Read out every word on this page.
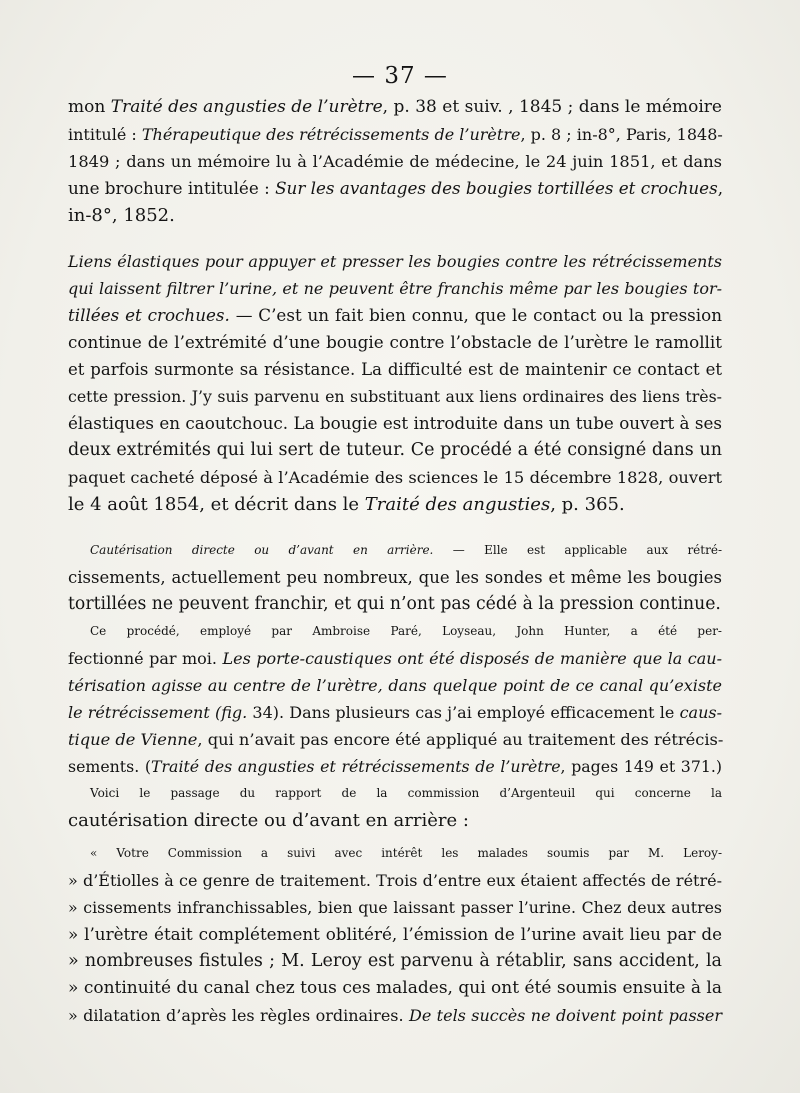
— 37 —
mon Traité des angusties de l’urètre, p. 38 et suiv. , 1845 ; dans le mémoire
intitulé : Thérapeutique des rétrécissements de l’urètre, p. 8 ; in-8°, Paris, 1848-
1849 ; dans un mémoire lu à l’Académie de médecine, le 24 juin 1851, et dans
une brochure intitulée : Sur les avantages des bougies tortillées et crochues,
in-8°, 1852.
Liens élastiques pour appuyer et presser les bougies contre les rétrécissements
qui laissent filtrer l’urine, et ne peuvent être franchis même par les bougies tor-
tillées et crochues. — C’est un fait bien connu, que le contact ou la pression
continue de l’extrémité d’une bougie contre l’obstacle de l’urètre le ramollit
et parfois surmonte sa résistance. La difficulté est de maintenir ce contact et
cette pression. J’y suis parvenu en substituant aux liens ordinaires des liens très-
élastiques en caoutchouc. La bougie est introduite dans un tube ouvert à ses
deux extrémités qui lui sert de tuteur. Ce procédé a été consigné dans un
paquet cacheté déposé à l’Académie des sciences le 15 décembre 1828, ouvert
le 4 août 1854, et décrit dans le Traité des angusties, p. 365.
Cautérisation directe ou d’avant en arrière. — Elle est applicable aux rétré-
cissements, actuellement peu nombreux, que les sondes et même les bougies
tortillées ne peuvent franchir, et qui n’ont pas cédé à la pression continue.
Ce procédé, employé par Ambroise Paré, Loyseau, John Hunter, a été per-
fectionné par moi. Les porte-caustiques ont été disposés de manière que la cau-
térisation agisse au centre de l’urètre, dans quelque point de ce canal qu’existe
le rétrécissement (fig. 34). Dans plusieurs cas j’ai employé efficacement le caus-
tique de Vienne, qui n’avait pas encore été appliqué au traitement des rétrécis-
sements. (Traité des angusties et rétrécissements de l’urètre, pages 149 et 371.)
Voici le passage du rapport de la commission d’Argenteuil qui concerne la
cautérisation directe ou d’avant en arrière :
« Votre Commission a suivi avec intérêt les malades soumis par M. Leroy-
» d’Étiolles à ce genre de traitement. Trois d’entre eux étaient affectés de rétré-
» cissements infranchissables, bien que laissant passer l’urine. Chez deux autres
» l’urètre était complétement oblitéré, l’émission de l’urine avait lieu par de
» nombreuses fistules ; M. Leroy est parvenu à rétablir, sans accident, la
» continuité du canal chez tous ces malades, qui ont été soumis ensuite à la
» dilatation d’après les règles ordinaires. De tels succès ne doivent point passer
